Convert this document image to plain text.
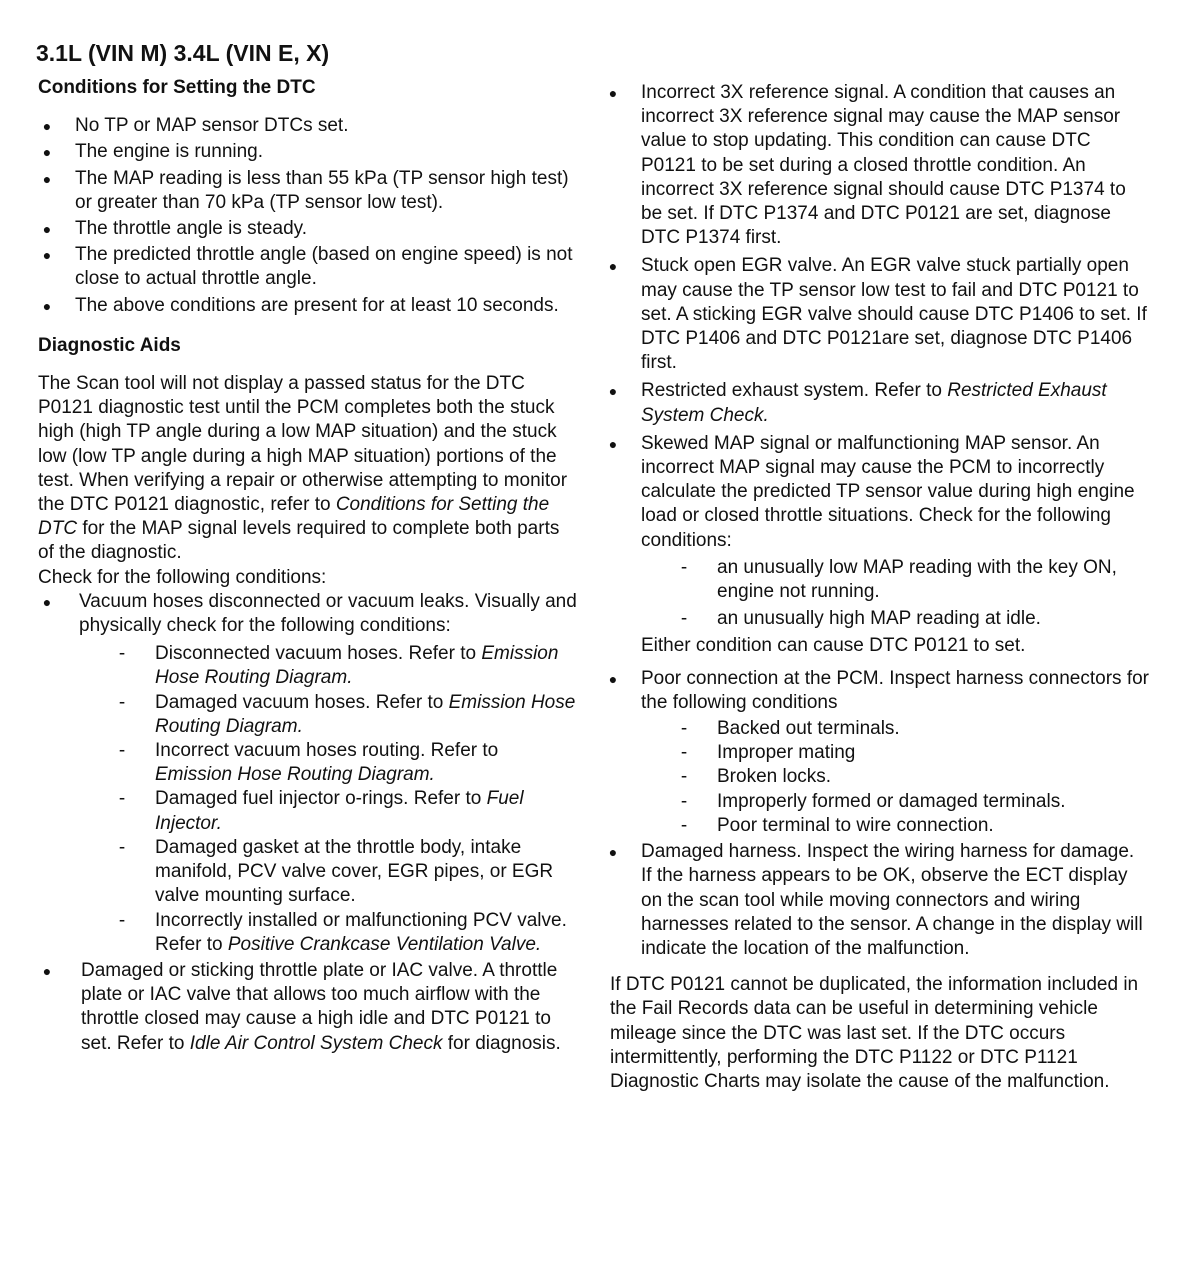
3.1L (VIN M) 3.4L (VIN E, X)

Conditions for Setting the DTC

● No TP or MAP sensor DTCs set.
● The engine is running.
● The MAP reading is less than 55 kPa (TP sensor high test) or greater than 70 kPa (TP sensor low test).
● The throttle angle is steady.
● The predicted throttle angle (based on engine speed) is not close to actual throttle angle.
● The above conditions are present for at least 10 seconds.

Diagnostic Aids

The Scan tool will not display a passed status for the DTC P0121 diagnostic test until the PCM completes both the stuck high (high TP angle during a low MAP situation) and the stuck low (low TP angle during a high MAP situation) portions of the test. When verifying a repair or otherwise attempting to monitor the DTC P0121 diagnostic, refer to Conditions for Setting the DTC for the MAP signal levels required to complete both parts of the diagnostic.

Check for the following conditions:

● Vacuum hoses disconnected or vacuum leaks. Visually and physically check for the following conditions:
- Disconnected vacuum hoses. Refer to Emission Hose Routing Diagram.
- Damaged vacuum hoses. Refer to Emission Hose Routing Diagram.
- Incorrect vacuum hoses routing. Refer to Emission Hose Routing Diagram.
- Damaged fuel injector o-rings. Refer to Fuel Injector.
- Damaged gasket at the throttle body, intake manifold, PCV valve cover, EGR pipes, or EGR valve mounting surface.
- Incorrectly installed or malfunctioning PCV valve. Refer to Positive Crankcase Ventilation Valve.
● Damaged or sticking throttle plate or IAC valve. A throttle plate or IAC valve that allows too much airflow with the throttle closed may cause a high idle and DTC P0121 to set. Refer to Idle Air Control System Check for diagnosis.
● Incorrect 3X reference signal. A condition that causes an incorrect 3X reference signal may cause the MAP sensor value to stop updating. This condition can cause DTC P0121 to be set during a closed throttle condition. An incorrect 3X reference signal should cause DTC P1374 to be set. If DTC P1374 and DTC P0121 are set, diagnose DTC P1374 first.
● Stuck open EGR valve. An EGR valve stuck partially open may cause the TP sensor low test to fail and DTC P0121 to set. A sticking EGR valve should cause DTC P1406 to set. If DTC P1406 and DTC P0121are set, diagnose DTC P1406 first.
● Restricted exhaust system. Refer to Restricted Exhaust System Check.
● Skewed MAP signal or malfunctioning MAP sensor. An incorrect MAP signal may cause the PCM to incorrectly calculate the predicted TP sensor value during high engine load or closed throttle situations. Check for the following conditions:
- an unusually low MAP reading with the key ON, engine not running.
- an unusually high MAP reading at idle.

Either condition can cause DTC P0121 to set.

● Poor connection at the PCM. Inspect harness connectors for the following conditions
- Backed out terminals.
- Improper mating
- Broken locks.
- Improperly formed or damaged terminals.
- Poor terminal to wire connection.
● Damaged harness. Inspect the wiring harness for damage. If the harness appears to be OK, observe the ECT display on the scan tool while moving connectors and wiring harnesses related to the sensor. A change in the display will indicate the location of the malfunction.

If DTC P0121 cannot be duplicated, the information included in the Fail Records data can be useful in determining vehicle mileage since the DTC was last set. If the DTC occurs intermittently, performing the DTC P1122 or DTC P1121 Diagnostic Charts may isolate the cause of the malfunction.
